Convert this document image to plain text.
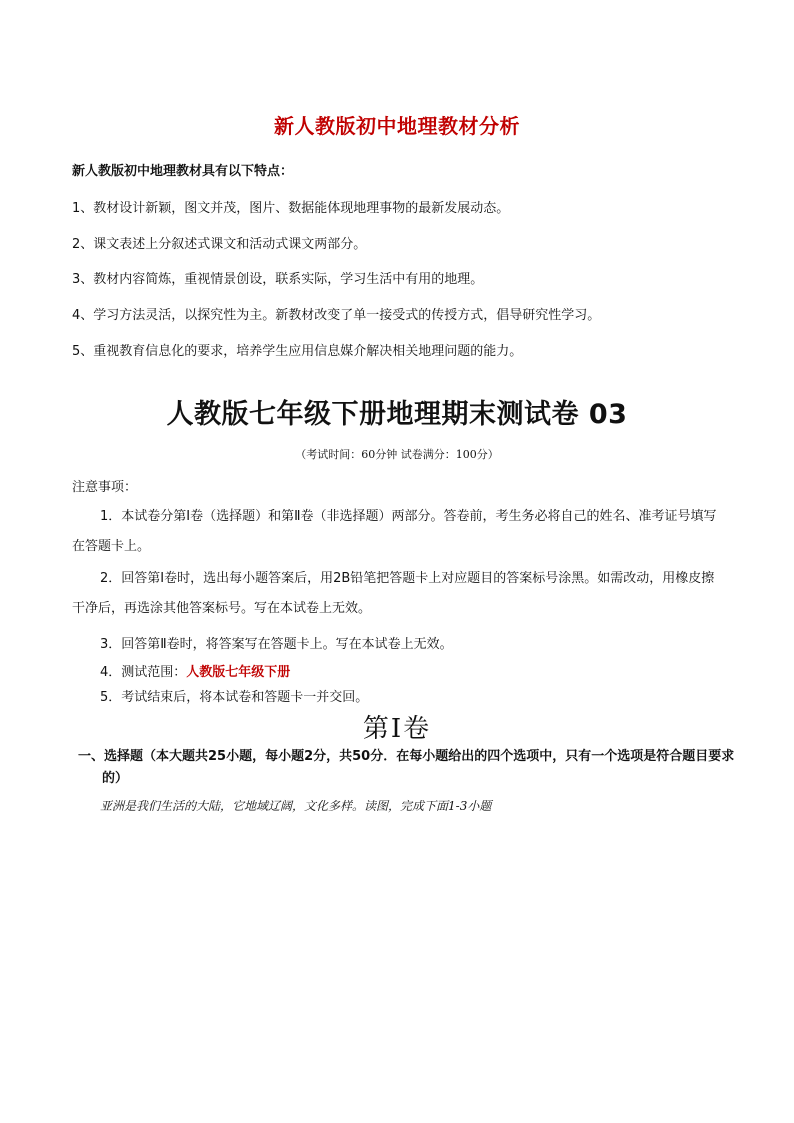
新人教版初中地理教材分析
新人教版初中地理教材具有以下特点：
1、教材设计新颖，图文并茂，图片、数据能体现地理事物的最新发展动态。
2、课文表述上分叙述式课文和活动式课文两部分。
3、教材内容简炼，重视情景创设，联系实际，学习生活中有用的地理。
4、学习方法灵活，以探究性为主。新教材改变了单一接受式的传授方式，倡导研究性学习。
5、重视教育信息化的要求，培养学生应用信息媒介解决相关地理问题的能力。
人教版七年级下册地理期末测试卷 03
（考试时间：60分钟 试卷满分：100分）
注意事项：
1．本试卷分第Ⅰ卷（选择题）和第Ⅱ卷（非选择题）两部分。答卷前，考生务必将自己的姓名、准考证号填写在答题卡上。
2．回答第Ⅰ卷时，选出每小题答案后，用2B铅笔把答题卡上对应题目的答案标号涂黑。如需改动，用橡皮擦干净后，再选涂其他答案标号。写在本试卷上无效。
3．回答第Ⅱ卷时，将答案写在答题卡上。写在本试卷上无效。
4．测试范围：人教版七年级下册
5．考试结束后，将本试卷和答题卡一并交回。
第Ⅰ卷
一、选择题（本大题共25小题，每小题2分，共50分．在每小题给出的四个选项中，只有一个选项是符合题目要求的）
亚洲是我们生活的大陆，它地域辽阔，文化多样。读图，完成下面1-3小题
